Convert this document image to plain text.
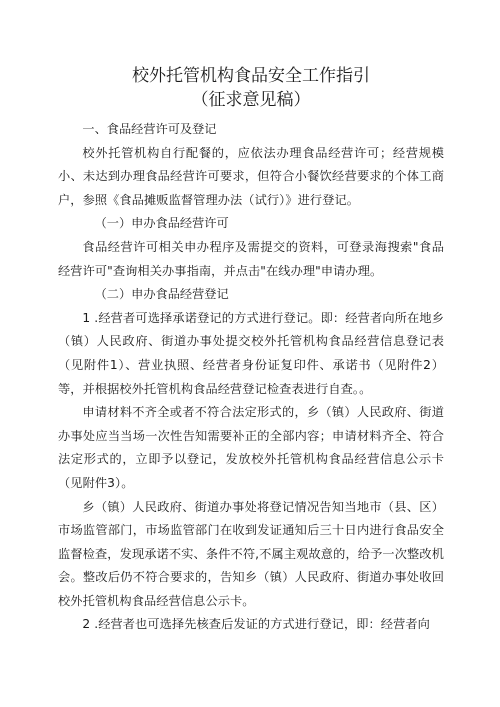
校外托管机构食品安全工作指引
（征求意见稿）

一、食品经营许可及登记

校外托管机构自行配餐的，应依法办理食品经营许可；经营规模小、未达到办理食品经营许可要求，但符合小餐饮经营要求的个体工商户，参照《食品摊贩监督管理办法（试行）》进行登记。

（一）申办食品经营许可

食品经营许可相关申办程序及需提交的资料，可登录海搜索"食品经营许可"查询相关办事指南，并点击"在线办理"申请办理。

（二）申办食品经营登记

1 .经营者可选择承诺登记的方式进行登记。即：经营者向所在地乡（镇）人民政府、街道办事处提交校外托管机构食品经营信息登记表（见附件1）、营业执照、经营者身份证复印件、承诺书（见附件2）等，并根据校外托管机构食品经营登记检查表进行自查。。

申请材料不齐全或者不符合法定形式的，乡（镇）人民政府、街道办事处应当当场一次性告知需要补正的全部内容；申请材料齐全、符合法定形式的，立即予以登记，发放校外托管机构食品经营信息公示卡（见附件3）。

乡（镇）人民政府、街道办事处将登记情况告知当地市（县、区）市场监管部门，市场监管部门在收到发证通知后三十日内进行食品安全监督检查，发现承诺不实、条件不符,不属主观故意的，给予一次整改机会。整改后仍不符合要求的，告知乡（镇）人民政府、街道办事处收回校外托管机构食品经营信息公示卡。

2 .经营者也可选择先核查后发证的方式进行登记，即：经营者向
